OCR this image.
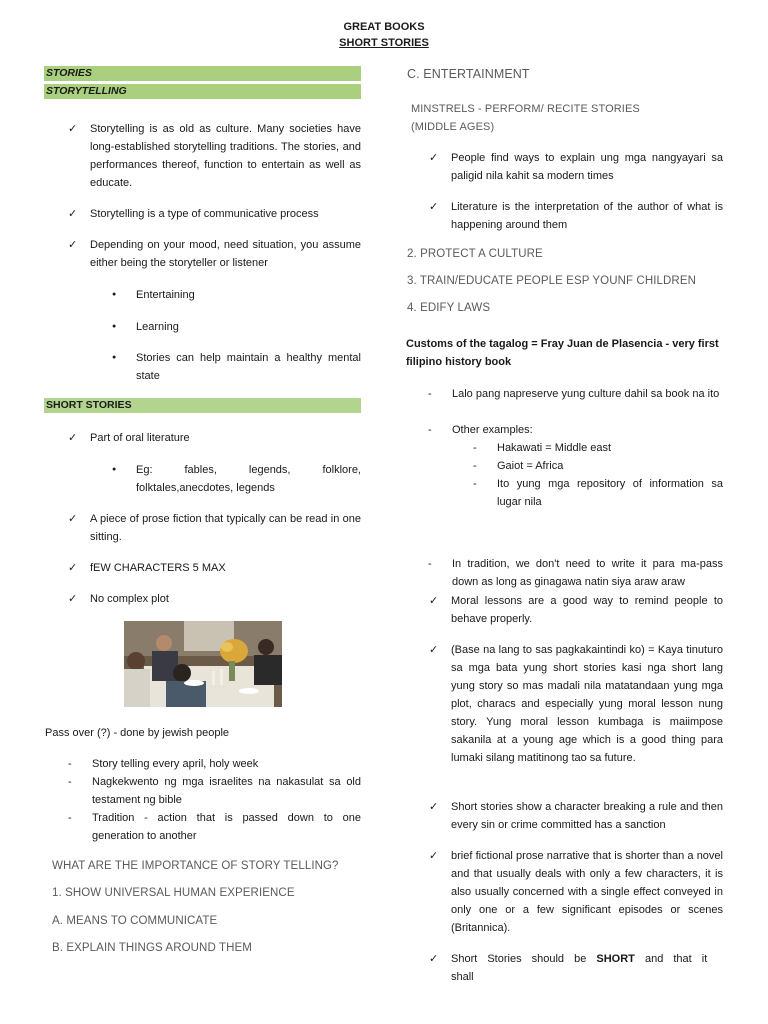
GREAT BOOKS
SHORT STORIES
STORIES
STORYTELLING
✓ Storytelling is as old as culture. Many societies have long-established storytelling traditions. The stories, and performances thereof, function to entertain as well as educate.
✓ Storytelling is a type of communicative process
✓ Depending on your mood, need situation, you assume either being the storyteller or listener
● Entertaining
● Learning
● Stories can help maintain a healthy mental state
SHORT STORIES
✓ Part of oral literature
● Eg: fables, legends, folklore, folktales,anecdotes, legends
✓ A piece of prose fiction that typically can be read in one sitting.
✓ fEW CHARACTERS 5 MAX
✓ No complex plot
Pass over (?) - done by jewish people
- Story telling every april, holy week
- Nagkekwento ng mga israelites na nakasulat sa old testament ng bible
- Tradition - action that is passed down to one generation to another
WHAT ARE THE IMPORTANCE OF STORY TELLING?
1. SHOW UNIVERSAL HUMAN EXPERIENCE
A. MEANS TO COMMUNICATE
B. EXPLAIN THINGS AROUND THEM
C. ENTERTAINMENT
MINSTRELS - PERFORM/ RECITE STORIES (MIDDLE AGES)
✓ People find ways to explain ung mga nangyayari sa paligid nila kahit sa modern times
✓ Literature is the interpretation of the author of what is happening around them
2. PROTECT A CULTURE
3. TRAIN/EDUCATE PEOPLE ESP YOUNF CHILDREN
4. EDIFY LAWS
Customs of the tagalog = Fray Juan de Plasencia - very first filipino history book
- Lalo pang napreserve yung culture dahil sa book na ito
- Other examples:
- Hakawati = Middle east
- Gaiot = Africa
- Ito yung mga repository of information sa lugar nila
- In tradition, we don't need to write it para ma-pass down as long as ginagawa natin siya araw araw
✓ Moral lessons are a good way to remind people to behave properly.
✓ (Base na lang to sas pagkakaintindi ko) = Kaya tinuturo sa mga bata yung short stories kasi nga short lang yung story so mas madali nila matatandaan yung mga plot, characs and especially yung moral lesson nung story. Yung moral lesson kumbaga is maiimpose sakanila at a young age which is a good thing para lumaki silang matitinong tao sa future.
✓ Short stories show a character breaking a rule and then every sin or crime committed has a sanction
✓ brief fictional prose narrative that is shorter than a novel and that usually deals with only a few characters, it is also usually concerned with a single effect conveyed in only one or a few significant episodes or scenes (Britannica).
✓ Short Stories should be SHORT and that it shall
